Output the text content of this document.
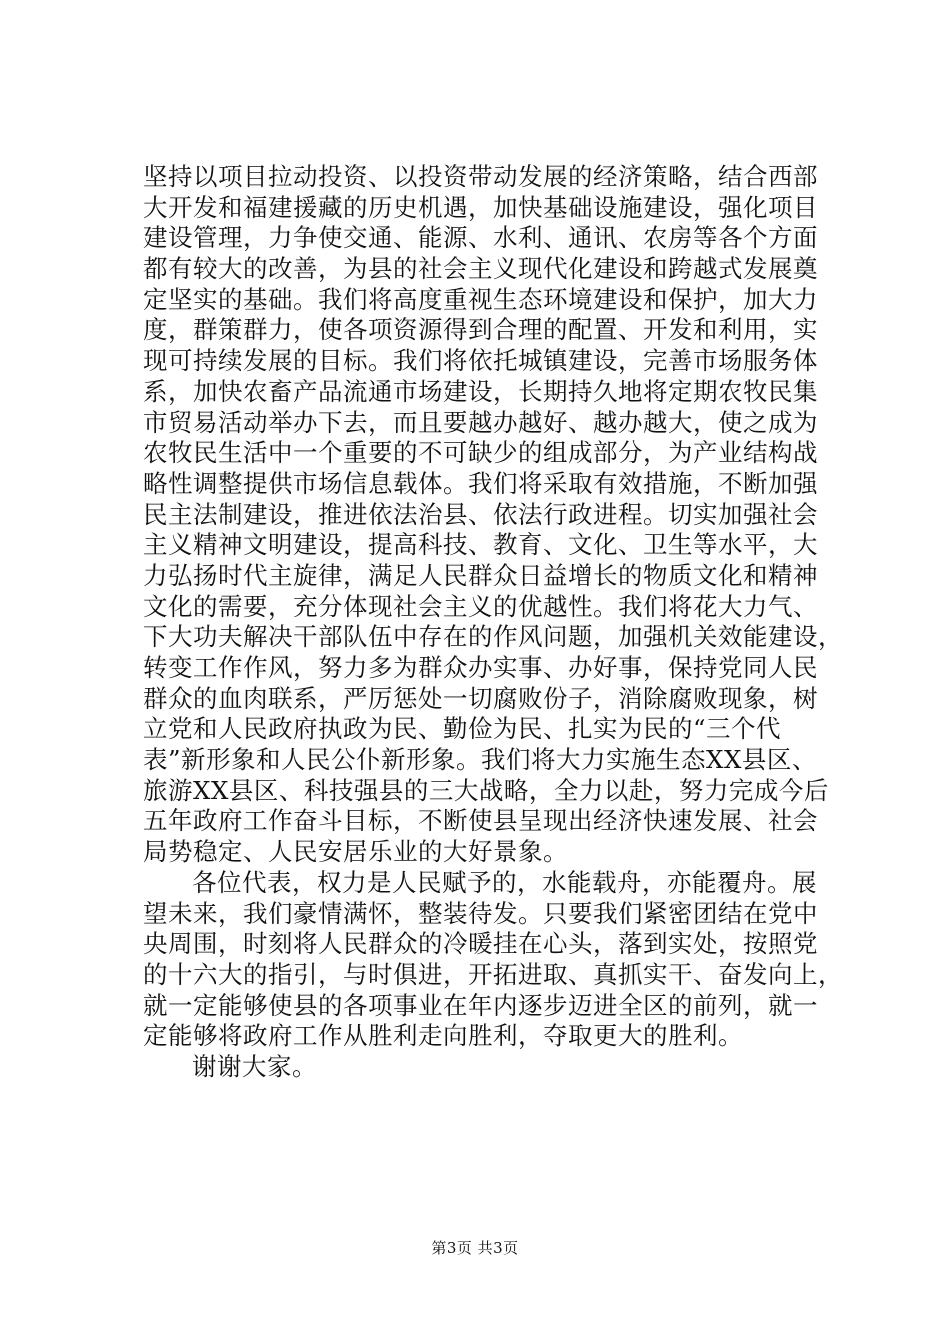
坚持以项目拉动投资、以投资带动发展的经济策略，结合西部
大开发和福建援藏的历史机遇，加快基础设施建设，强化项目
建设管理，力争使交通、能源、水利、通讯、农房等各个方面
都有较大的改善，为县的社会主义现代化建设和跨越式发展奠
定坚实的基础。我们将高度重视生态环境建设和保护，加大力
度，群策群力，使各项资源得到合理的配置、开发和利用，实
现可持续发展的目标。我们将依托城镇建设，完善市场服务体
系，加快农畜产品流通市场建设，长期持久地将定期农牧民集
市贸易活动举办下去，而且要越办越好、越办越大，使之成为
农牧民生活中一个重要的不可缺少的组成部分，为产业结构战
略性调整提供市场信息载体。我们将采取有效措施，不断加强
民主法制建设，推进依法治县、依法行政进程。切实加强社会
主义精神文明建设，提高科技、教育、文化、卫生等水平，大
力弘扬时代主旋律，满足人民群众日益增长的物质文化和精神
文化的需要，充分体现社会主义的优越性。我们将花大力气、
下大功夫解决干部队伍中存在的作风问题，加强机关效能建设，
转变工作作风，努力多为群众办实事、办好事，保持党同人民
群众的血肉联系，严厉惩处一切腐败份子，消除腐败现象，树
立党和人民政府执政为民、勤俭为民、扎实为民的“三个代
表”新形象和人民公仆新形象。我们将大力实施生态XX县区、
旅游XX县区、科技强县的三大战略，全力以赴，努力完成今后
五年政府工作奋斗目标，不断使县呈现出经济快速发展、社会
局势稳定、人民安居乐业的大好景象。
各位代表，权力是人民赋予的，水能载舟，亦能覆舟。展
望未来，我们豪情满怀，整装待发。只要我们紧密团结在党中
央周围，时刻将人民群众的冷暖挂在心头，落到实处，按照党
的十六大的指引，与时俱进，开拓进取、真抓实干、奋发向上，
就一定能够使县的各项事业在年内逐步迈进全区的前列，就一
定能够将政府工作从胜利走向胜利，夺取更大的胜利。
谢谢大家。
第3页 共3页
